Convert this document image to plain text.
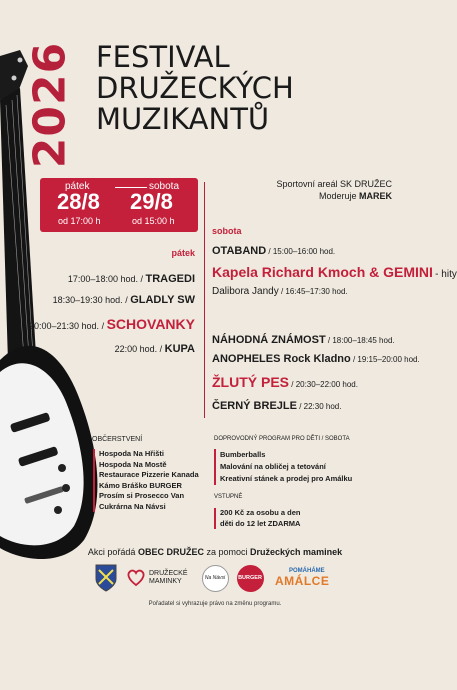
2026 FESTIVAL
DRUŽECKÝCH
MUZIKANTŮ
pátek	sobota
28/8 29/8
od 17:00 h	od 15:00 h
Sportovní areál SK DRUŽEC
Moderuje MAREK
pátek
17:00–18:00 hod. / TRAGEDI
18:30–19:30 hod. / GLADLY SW
20:00–21:30 hod. / SCHOVANKY
22:00 hod. / KUPA
sobota
OTABAND / 15:00–16:00 hod.
Kapela Richard Kmoch & GEMINI - hity
Dalibora Jandy / 16:45–17:30 hod.
NÁHODNÁ ZNÁMOST / 18:00–18:45 hod.
ANOPHELES Rock Kladno / 19:15–20:00 hod.
ŽLUTÝ PES / 20:30–22:00 hod.
ČERNÝ BREJLE / 22:30 hod.
OBČERSTVENÍ
Hospoda Na Hřišti
Hospoda Na Mostě
Restaurace Pizzerie Kanada
Kámo Bráško BURGER
Prosím si Prosecco Van
Cukrárna Na Návsi
DOPROVODNÝ PROGRAM PRO DĚTI / SOBOTA
Bumberballs
Malování na obličej a tetování
Kreativní stánek a prodej pro Amálku
VSTUPNÉ
200 Kč za osobu a den
děti do 12 let ZDARMA
Akci pořádá OBEC DRUŽEC za pomoci Družeckých maminek
DRUŽECKÉ
MAMINKY	Na Návsi	BURGER
POMÁHÁME
AMÁLCE
Pořadatel si vyhrazuje právo na změnu programu.
